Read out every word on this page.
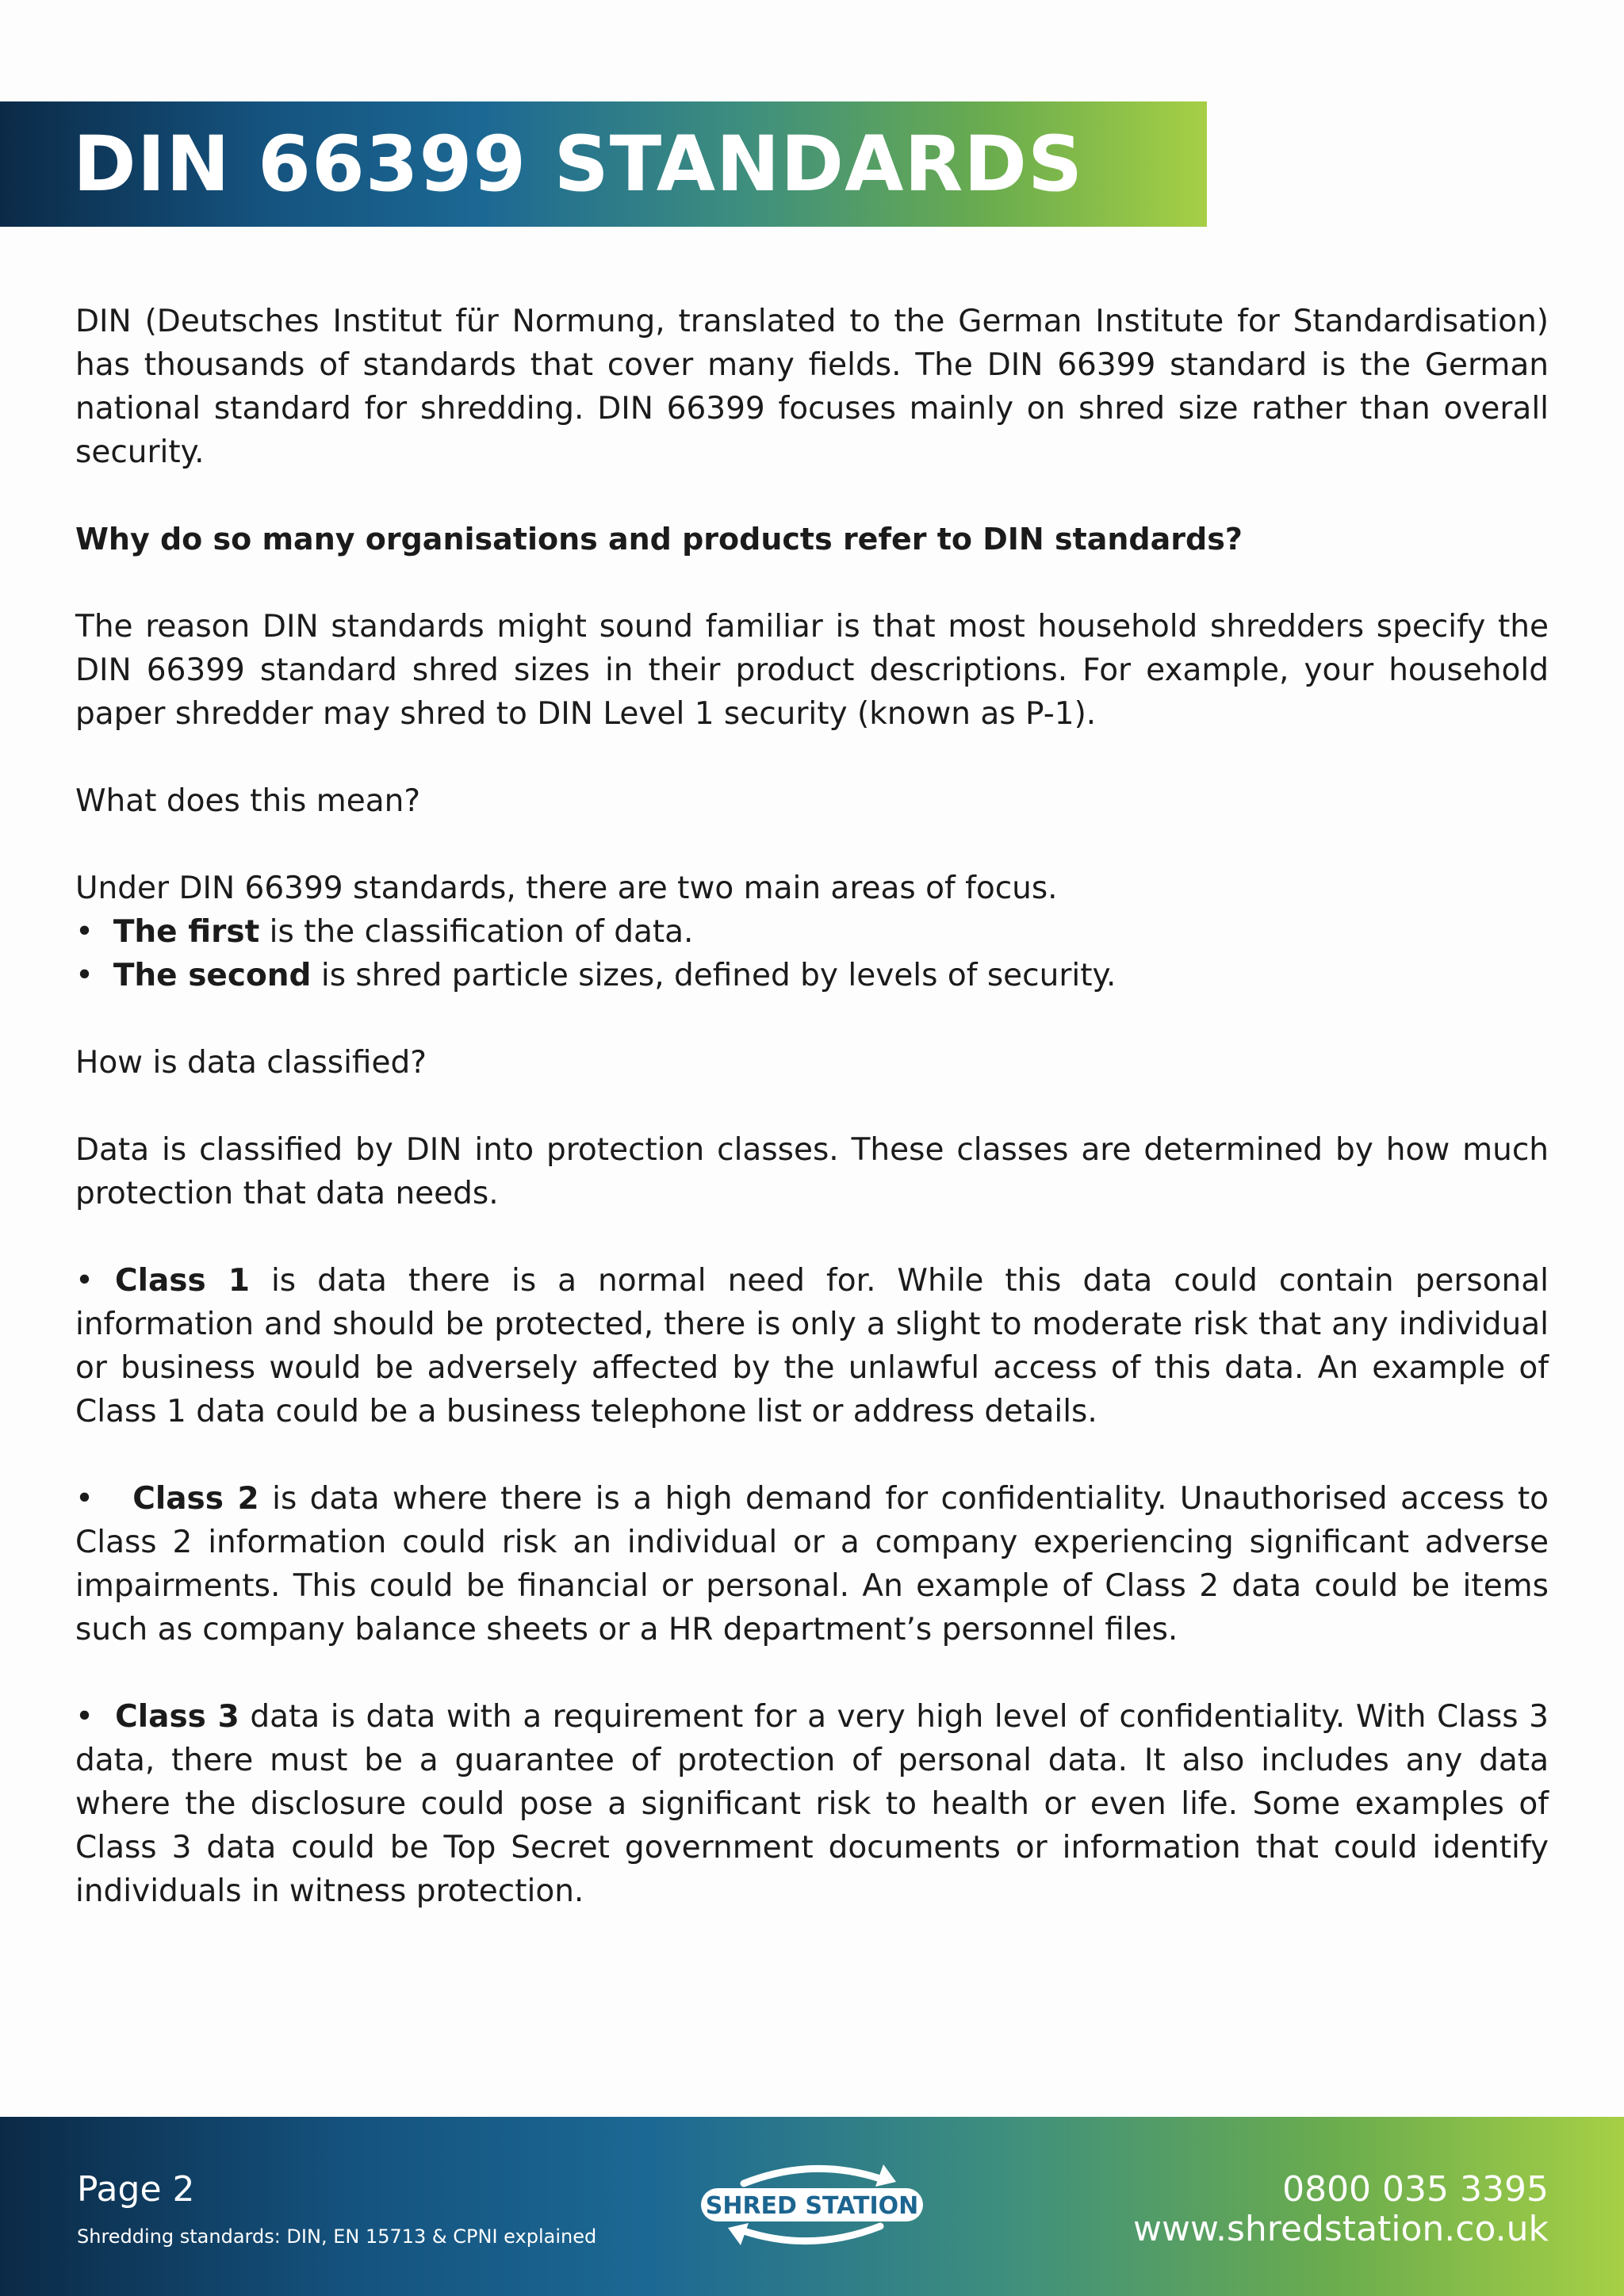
DIN 66399 STANDARDS

DIN (Deutsches Institut für Normung, translated to the German Institute for Standardisation) has thousands of standards that cover many fields. The DIN 66399 standard is the German national standard for shredding. DIN 66399 focuses mainly on shred size rather than overall security.

Why do so many organisations and products refer to DIN standards?

The reason DIN standards might sound familiar is that most household shredders specify the DIN 66399 standard shred sizes in their product descriptions. For example, your household paper shredder may shred to DIN Level 1 security (known as P-1).

What does this mean?

Under DIN 66399 standards, there are two main areas of focus.

•  The first is the classification of data.

•  The second is shred particle sizes, defined by levels of security.

How is data classified?

Data is classified by DIN into protection classes. These classes are determined by how much protection that data needs.

• Class 1 is data there is a normal need for. While this data could contain personal information and should be protected, there is only a slight to moderate risk that any individual or business would be adversely affected by the unlawful access of this data. An example of Class 1 data could be a business telephone list or address details.

•   Class 2 is data where there is a high demand for confidentiality. Unauthorised access to Class 2 information could risk an individual or a company experiencing significant adverse impairments. This could be financial or personal. An example of Class 2 data could be items such as company balance sheets or a HR department’s personnel files.

•  Class 3 data is data with a requirement for a very high level of confidentiality. With Class 3 data, there must be a guarantee of protection of personal data. It also includes any data where the disclosure could pose a significant risk to health or even life. Some examples of Class 3 data could be Top Secret government documents or information that could identify individuals in witness protection.

Page 2
Shredding standards: DIN, EN 15713 & CPNI explained
SHRED STATION	0800 035 3395
www.shredstation.co.uk
